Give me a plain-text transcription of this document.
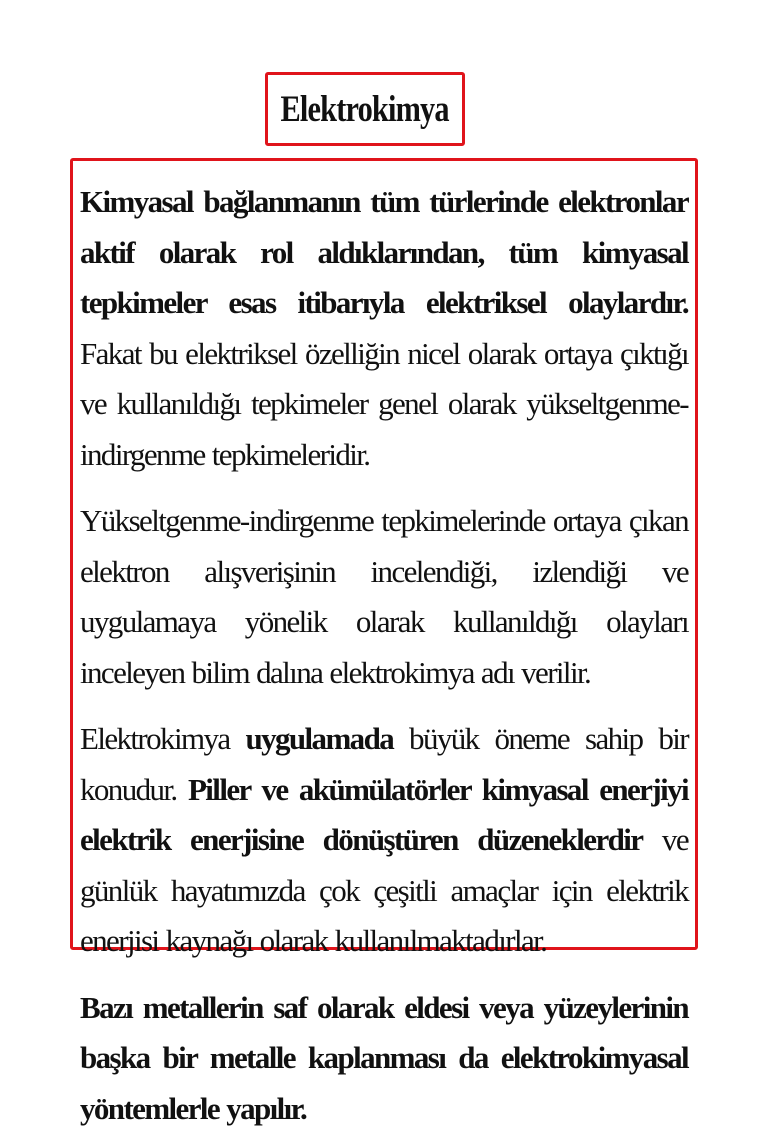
Elektrokimya

Kimyasal bağlanmanın tüm türlerinde elektronlar aktif olarak rol aldıklarından, tüm kimyasal tepkimeler esas itibarıyla elektriksel olaylardır. Fakat bu elektriksel özelliğin nicel olarak ortaya çıktığı ve kullanıldığı tepkimeler genel olarak yükseltgenme-indirgenme tepkimeleridir.

Yükseltgenme-indirgenme tepkimelerinde ortaya çıkan elektron alışverişinin incelendiği, izlendiği ve uygulamaya yönelik olarak kullanıldığı olayları inceleyen bilim dalına elektrokimya adı verilir.

Elektrokimya uygulamada büyük öneme sahip bir konudur. Piller ve akümülatörler kimyasal enerjiyi elektrik enerjisine dönüştüren düzeneklerdir ve günlük hayatımızda çok çeşitli amaçlar için elektrik enerjisi kaynağı olarak kullanılmaktadırlar.

Bazı metallerin saf olarak eldesi veya yüzeylerinin başka bir metalle kaplanması da elektrokimyasal yöntemlerle yapılır.
